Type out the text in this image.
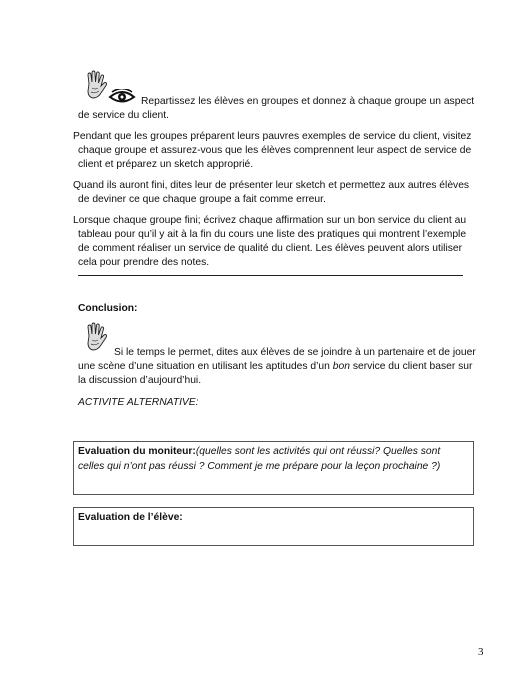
Repartissez les élèves en groupes et donnez à chaque groupe un aspect

de service du client.

Pendant que les groupes préparent leurs pauvres exemples de service du client, visitez

chaque groupe et assurez-vous que les élèves comprennent leur aspect de service de

client et préparez un sketch approprié.

Quand ils auront fini, dites leur de présenter leur sketch et permettez aux autres élèves

de deviner ce que chaque groupe a fait comme erreur.

Lorsque chaque groupe fini; écrivez chaque affirmation sur un bon service du client au

tableau pour qu’il y ait à la fin du cours une liste des pratiques qui montrent l’exemple

de comment réaliser un service de qualité du client. Les élèves peuvent alors utiliser

cela pour prendre des notes.

Conclusion:

Si le temps le permet, dites aux élèves de se joindre à un partenaire et de jouer

une scène d’une situation en utilisant les aptitudes d’un bon service du client baser sur

la discussion d’aujourd’hui.

ACTIVITE ALTERNATIVE:

Evaluation du moniteur:(quelles sont les activités qui ont réussi? Quelles sont
celles qui n’ont pas réussi ? Comment je me prépare pour la leçon prochaine ?)
Evaluation de l’élève:
3
